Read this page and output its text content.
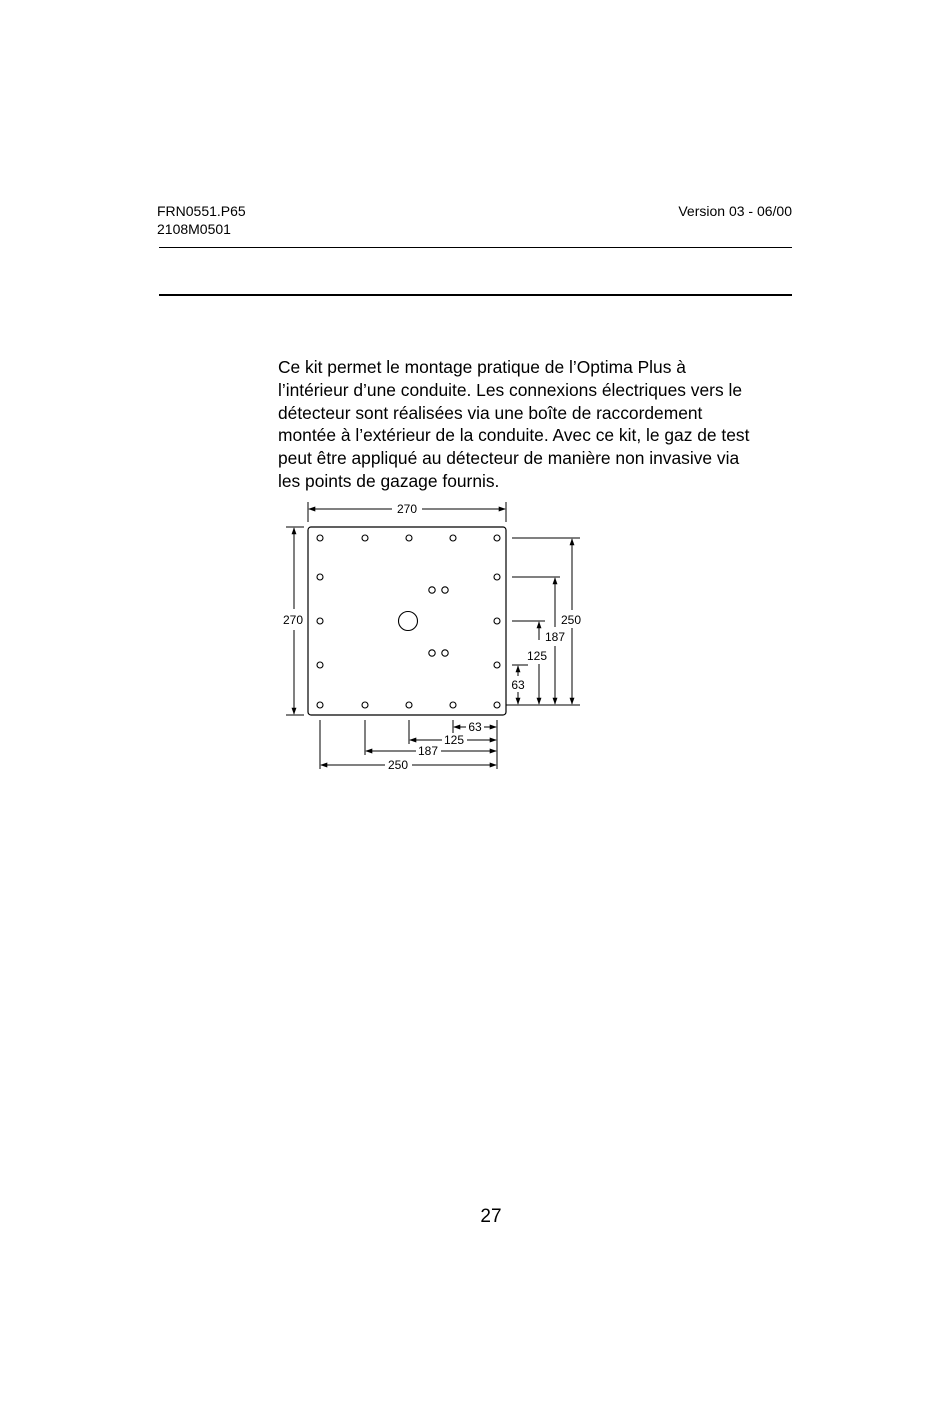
FRN0551.P65
2108M0501
Version 03 - 06/00

Ce kit permet le montage pratique de l’Optima Plus à

l’intérieur d’une conduite. Les connexions électriques vers le

détecteur sont réalisées via une boîte de raccordement

montée à l’extérieur de la conduite. Avec ce kit, le gaz de test

peut être appliqué au détecteur de manière non invasive via

les points de gazage fournis.

270
270	250
187
125
63
63
125
187
250
27
